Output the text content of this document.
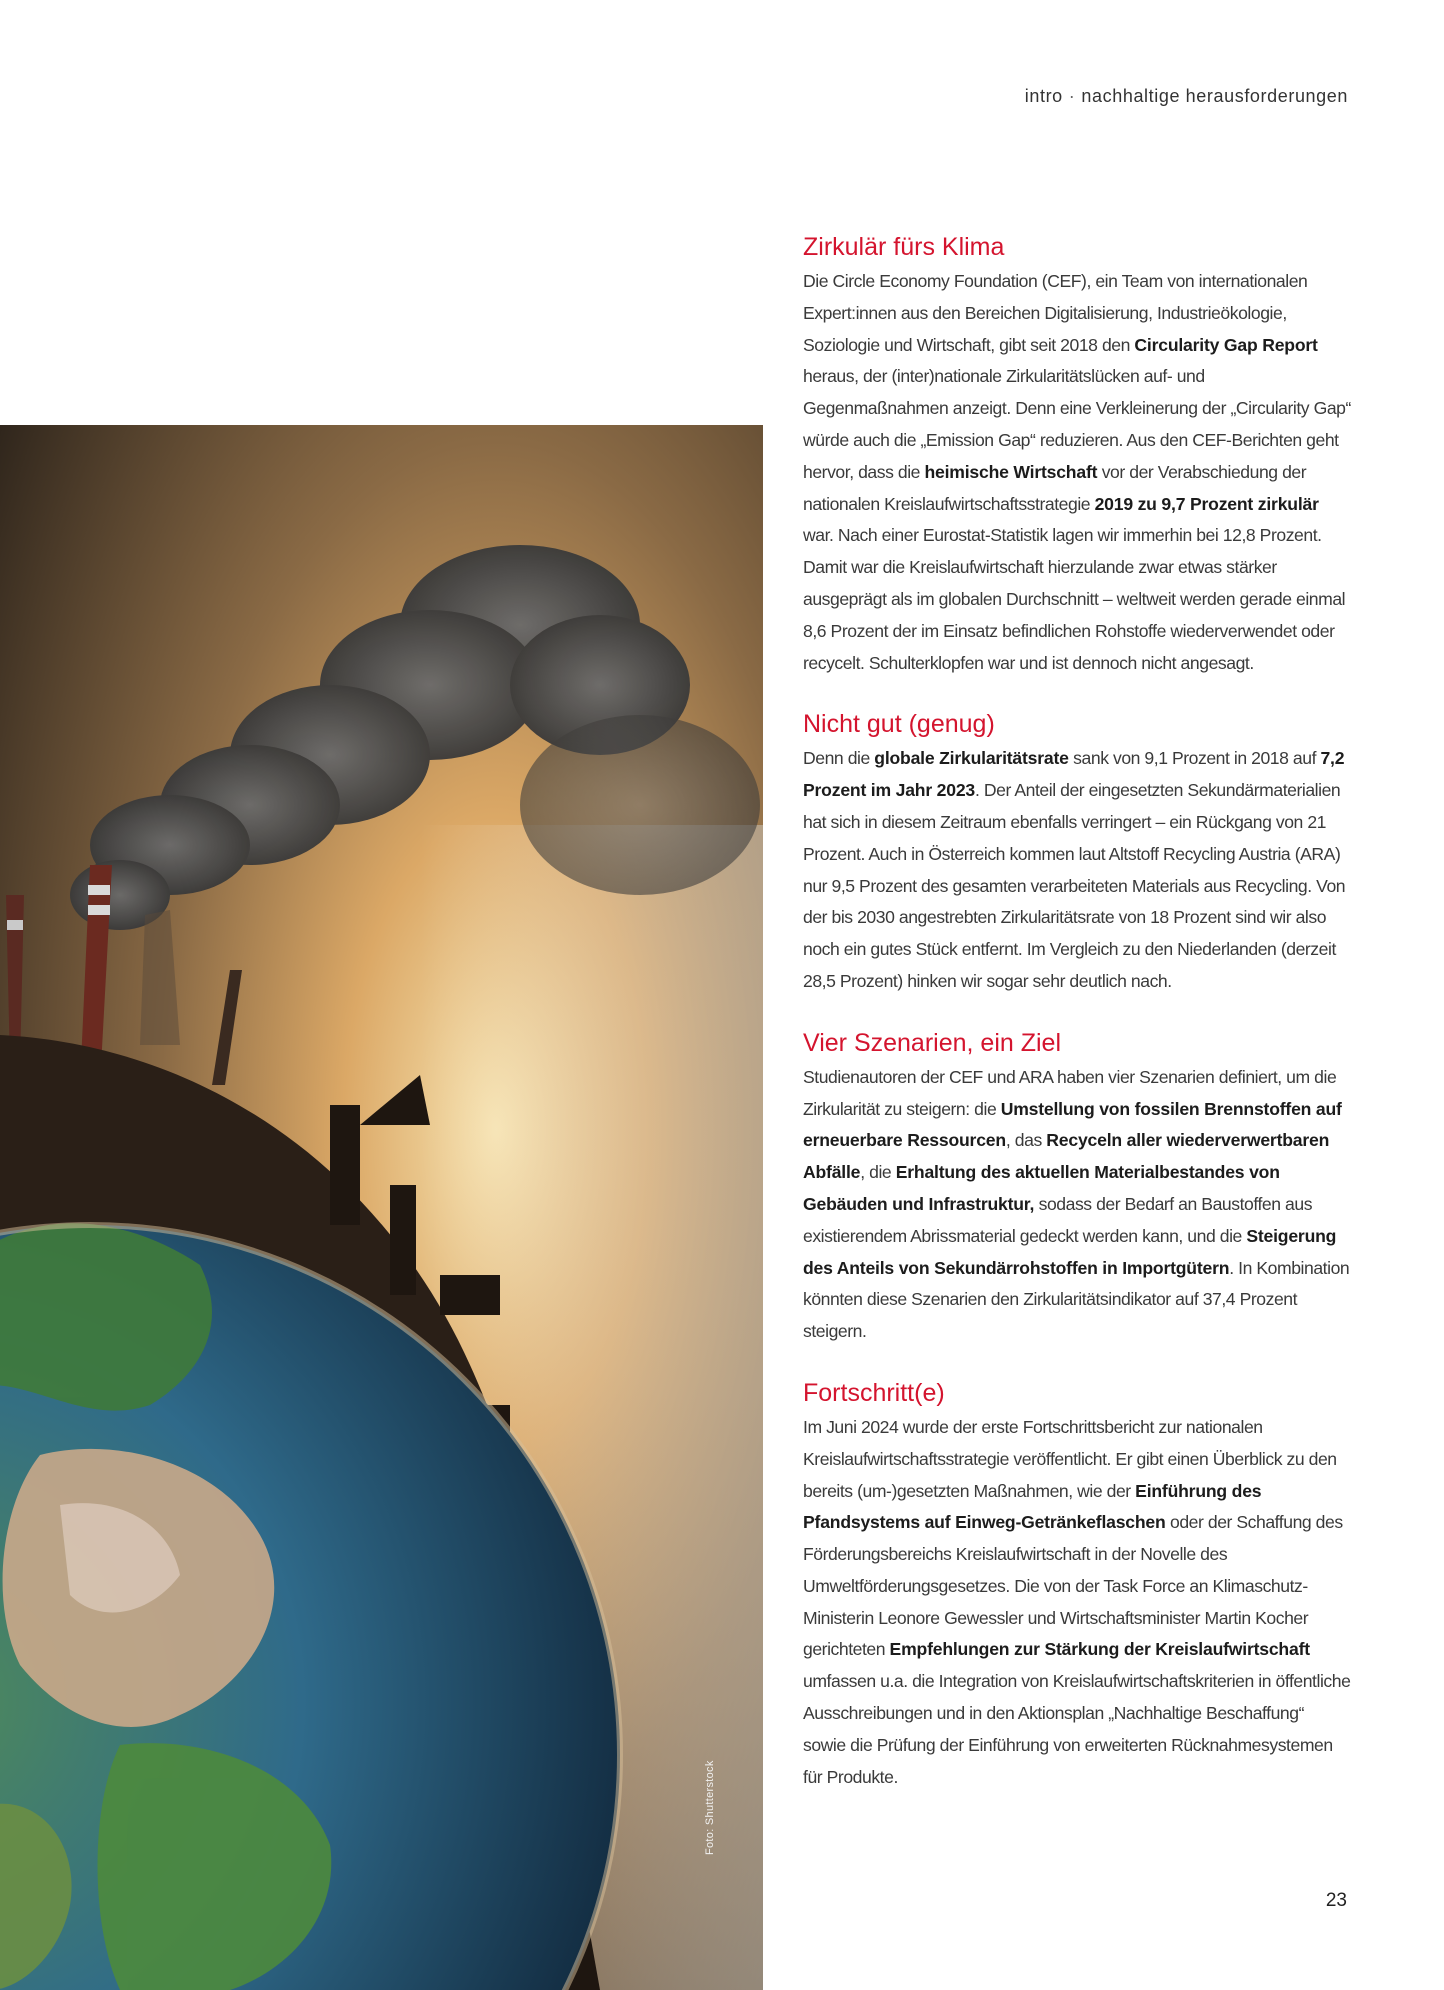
intro · nachhaltige herausforderungen
Foto: Shutterstock
Zirkulär fürs Klima

Die Circle Economy Foundation (CEF), ein Team von internationalen Expert:innen aus den Bereichen Digitalisierung, Industrieökologie, Soziologie und Wirtschaft, gibt seit 2018 den Circularity Gap Report heraus, der (inter)nationale Zirkularitätslücken auf- und Gegenmaßnahmen anzeigt. Denn eine Verkleinerung der „Circularity Gap“ würde auch die „Emission Gap“ reduzieren. Aus den CEF-Berichten geht hervor, dass die heimische Wirtschaft vor der Verabschiedung der nationalen Kreislaufwirtschaftsstrategie 2019 zu 9,7 Prozent zirkulär war. Nach einer Eurostat-Statistik lagen wir immerhin bei 12,8 Prozent. Damit war die Kreislaufwirtschaft hierzulande zwar etwas stärker ausgeprägt als im globalen Durchschnitt – weltweit werden gerade einmal 8,6 Prozent der im Einsatz befindlichen Rohstoffe wiederverwendet oder recycelt. Schulterklopfen war und ist dennoch nicht angesagt.

Nicht gut (genug)

Denn die globale Zirkularitätsrate sank von 9,1 Prozent in 2018 auf 7,2 Prozent im Jahr 2023. Der Anteil der eingesetzten Sekundärmaterialien hat sich in diesem Zeitraum ebenfalls verringert – ein Rückgang von 21 Prozent. Auch in Österreich kommen laut Altstoff Recycling Austria (ARA) nur 9,5 Prozent des gesamten verarbeiteten Materials aus Recycling. Von der bis 2030 angestrebten Zirkularitätsrate von 18 Prozent sind wir also noch ein gutes Stück entfernt. Im Vergleich zu den Niederlanden (derzeit 28,5 Prozent) hinken wir sogar sehr deutlich nach.

Vier Szenarien, ein Ziel

Studienautoren der CEF und ARA haben vier Szenarien definiert, um die Zirkularität zu steigern: die Umstellung von fossilen Brennstoffen auf erneuerbare Ressourcen, das Recyceln aller wiederverwertbaren Abfälle, die Erhaltung des aktuellen Materialbestandes von Gebäuden und Infrastruktur, sodass der Bedarf an Baustoffen aus existierendem Abrissmaterial gedeckt werden kann, und die Steigerung des Anteils von Sekundärrohstoffen in Importgütern. In Kombination könnten diese Szenarien den Zirkularitätsindikator auf 37,4 Prozent steigern.

Fortschritt(e)

Im Juni 2024 wurde der erste Fortschrittsbericht zur nationalen Kreislaufwirtschaftsstrategie veröffentlicht. Er gibt einen Überblick zu den bereits (um-)gesetzten Maßnahmen, wie der Einführung des Pfandsystems auf Einweg-Getränkeflaschen oder der Schaffung des Förderungsbereichs Kreislaufwirtschaft in der Novelle des Umweltförderungsgesetzes. Die von der Task Force an Klimaschutz-Ministerin Leonore Gewessler und Wirtschaftsminister Martin Kocher gerichteten Empfehlungen zur Stärkung der Kreislaufwirtschaft umfassen u.a. die Integration von Kreislaufwirtschaftskriterien in öffentliche Ausschreibungen und in den Aktionsplan „Nachhaltige Beschaffung“ sowie die Prüfung der Einführung von erweiterten Rücknahmesystemen für Produkte.

23
